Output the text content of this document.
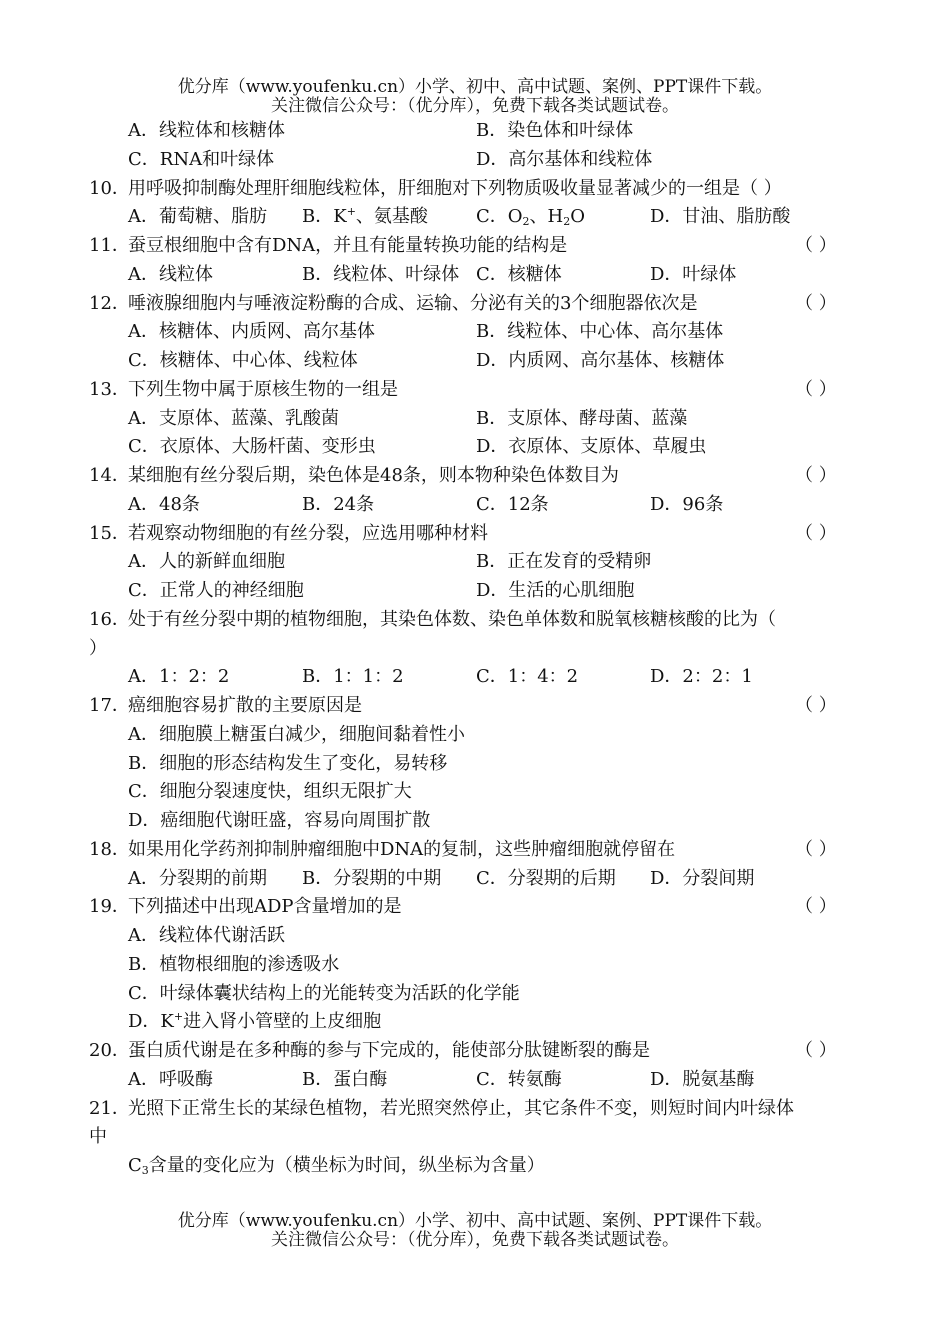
优分库（www.youfenku.cn）小学、初中、高中试题、案例、PPT课件下载。
关注微信公众号：（优分库），免费下载各类试题试卷。
A．线粒体和核糖体	B．染色体和叶绿体
C．RNA和叶绿体	D．高尔基体和线粒体
10．
用呼吸抑制酶处理肝细胞线粒体，肝细胞对下列物质吸收量显著减少的一组是（ ）
A．葡萄糖、脂肪 B．K+、氨基酸	C．$O_2$、$H_2O$	D．甘油、脂肪酸
11．
蚕豆根细胞中含有DNA，并且有能量转换功能的结构是	（ ）
A．线粒体	B．线粒体、叶绿体 C．核糖体	D．叶绿体
12．
唾液腺细胞内与唾液淀粉酶的合成、运输、分泌有关的3个细胞器依次是	（ ）
A．核糖体、内质网、高尔基体	B．线粒体、中心体、高尔基体
C．核糖体、中心体、线粒体	D．内质网、高尔基体、核糖体
13．
下列生物中属于原核生物的一组是	（ ）
A．支原体、蓝藻、乳酸菌	B．支原体、酵母菌、蓝藻
C．衣原体、大肠杆菌、变形虫	D．衣原体、支原体、草履虫
14．
某细胞有丝分裂后期，染色体是48条，则本物种染色体数目为	（ ）
A．48条	B．24条	C．12条	D．96条
15．
若观察动物细胞的有丝分裂，应选用哪种材料	（ ）
A．人的新鲜血细胞	B．正在发育的受精卵
C．正常人的神经细胞	D．生活的心肌细胞
16．
处于有丝分裂中期的植物细胞，其染色体数、染色单体数和脱氧核糖核酸的比为（
）
A．1：2：2	B．1：1：2	C．1：4：2	D．2：2：1
17．
癌细胞容易扩散的主要原因是	（ ）
A．细胞膜上糖蛋白减少，细胞间黏着性小
B．细胞的形态结构发生了变化，易转移
C．细胞分裂速度快，组织无限扩大
D．癌细胞代谢旺盛，容易向周围扩散
18．
如果用化学药剂抑制肿瘤细胞中DNA的复制，这些肿瘤细胞就停留在	（ ）
A．分裂期的前期 B．分裂期的中期 C．分裂期的后期 D．分裂间期
19．
下列描述中出现ADP含量增加的是	（ ）
A．线粒体代谢活跃
B．植物根细胞的渗透吸水
C．叶绿体囊状结构上的光能转变为活跃的化学能
D．K+进入肾小管壁的上皮细胞
20．
蛋白质代谢是在多种酶的参与下完成的，能使部分肽键断裂的酶是	（ ）
A．呼吸酶	B．蛋白酶	C．转氨酶	D．脱氨基酶
21．
光照下正常生长的某绿色植物，若光照突然停止，其它条件不变，则短时间内叶绿体
中
$C_3$含量的变化应为（横坐标为时间，纵坐标为含量）
优分库（www.youfenku.cn）小学、初中、高中试题、案例、PPT课件下载。
关注微信公众号：（优分库），免费下载各类试题试卷。
